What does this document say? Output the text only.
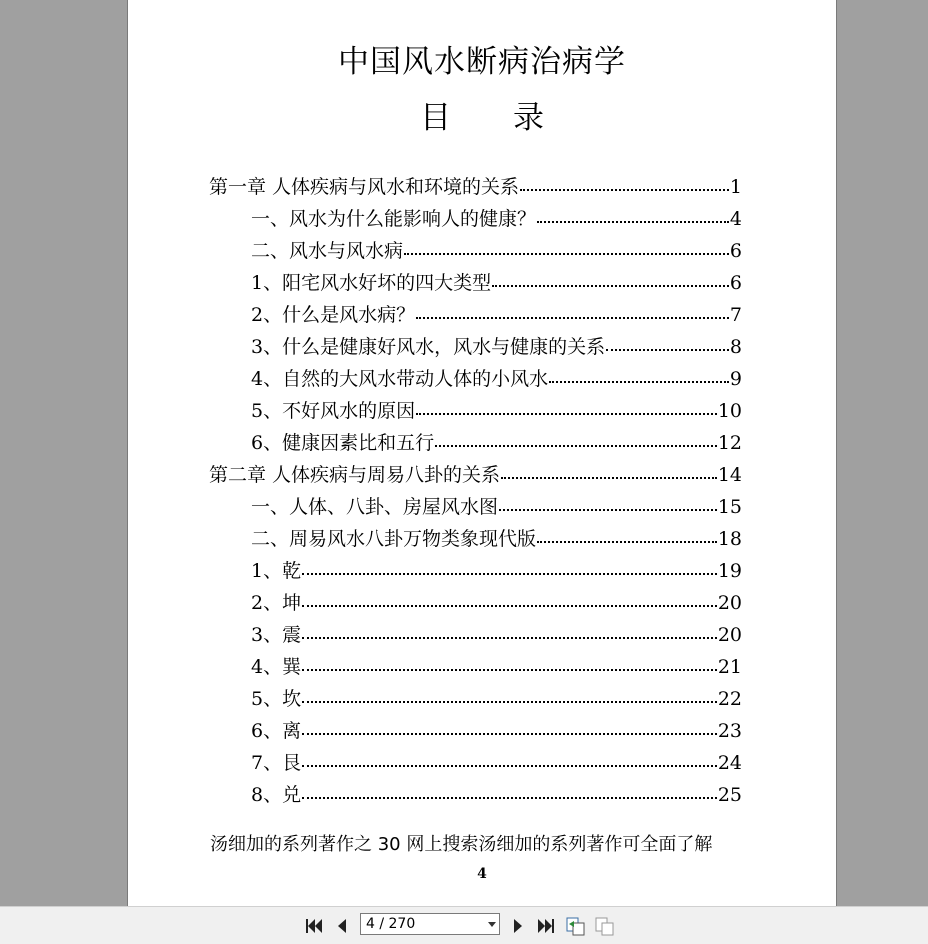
中国风水断病治病学
目 录
第一章 人体疾病与风水和环境的关系	1
一、风水为什么能影响人的健康？	4
二、风水与风水病	6
1、阳宅风水好坏的四大类型	6
2、什么是风水病？	7
3、什么是健康好风水，风水与健康的关系	8
4、自然的大风水带动人体的小风水	9
5、不好风水的原因	10
6、健康因素比和五行	12
第二章 人体疾病与周易八卦的关系	14
一、人体、八卦、房屋风水图	15
二、周易风水八卦万物类象现代版	18
1、乾	19
2、坤	20
3、震	20
4、巽	21
5、坎	22
6、离	23
7、艮	24
8、兑	25
汤细加的系列著作之 30 网上搜索汤细加的系列著作可全面了解
4
4 / 270
